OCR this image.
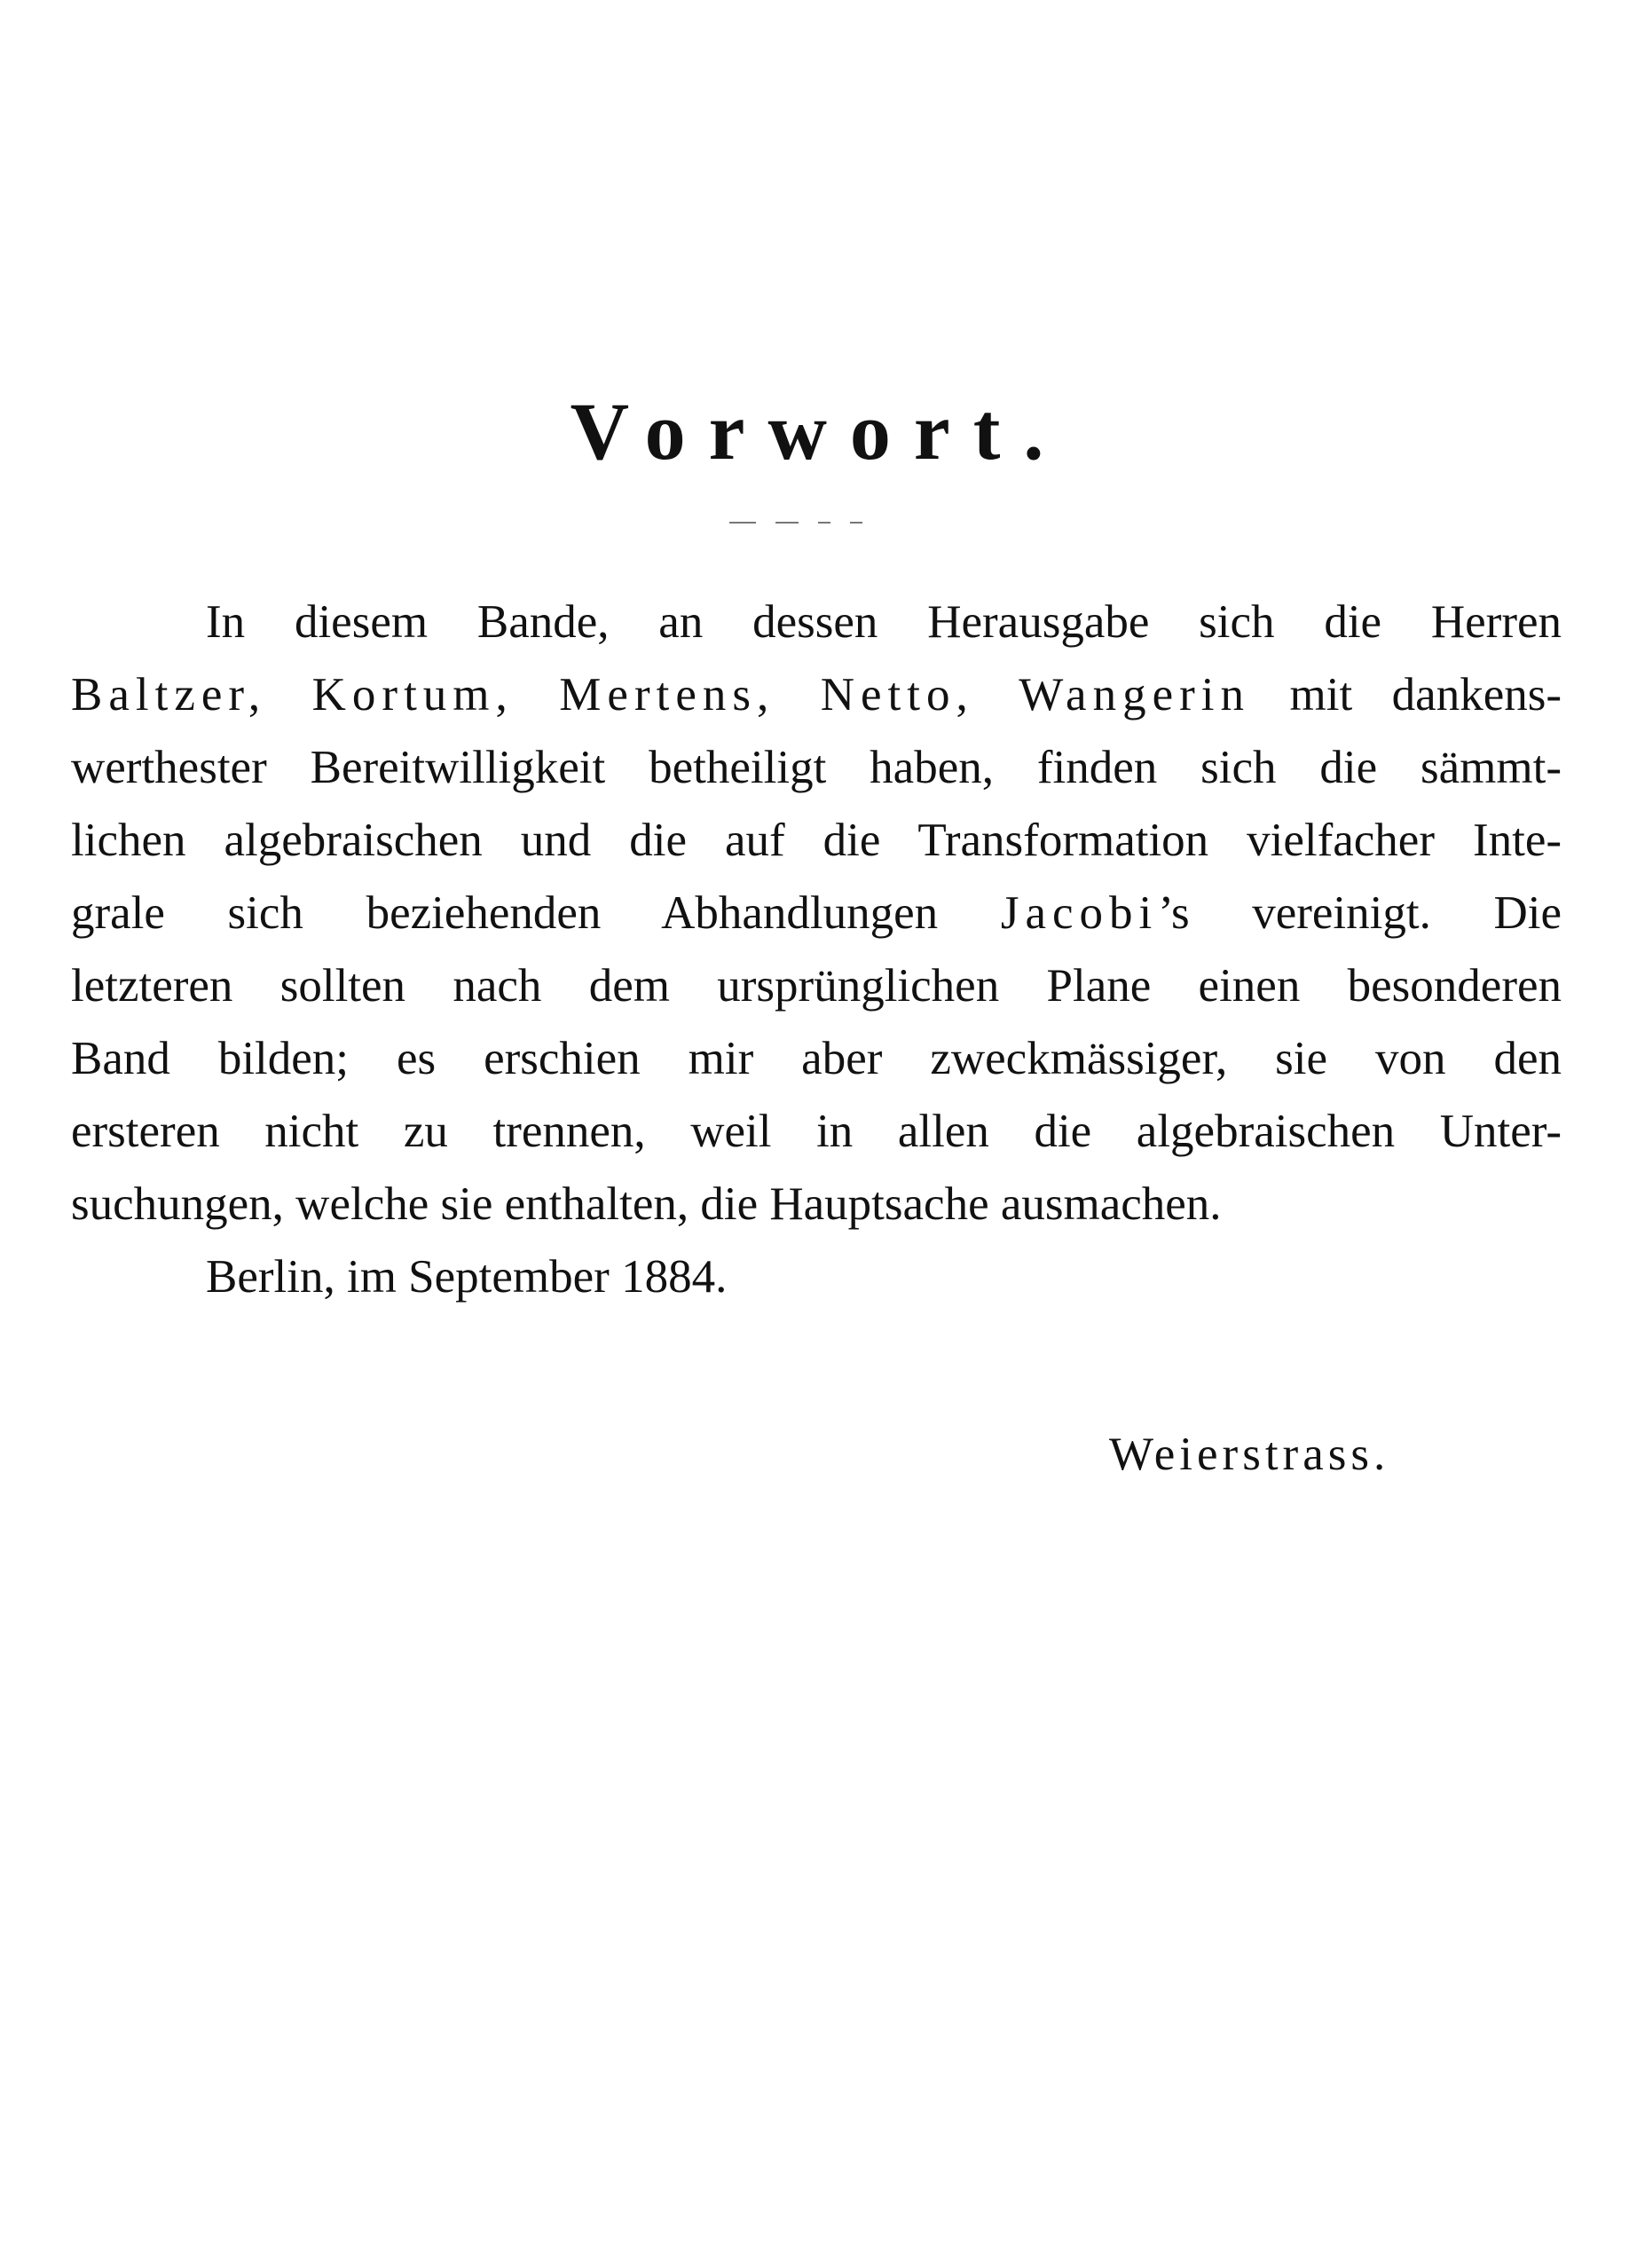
Vorwort.
In diesem Bande, an dessen Herausgabe sich die Herren
Baltzer, Kortum, Mertens, Netto, Wangerin mit dankens-
werthester Bereitwilligkeit betheiligt haben, finden sich die sämmt-
lichen algebraischen und die auf die Transformation vielfacher Inte-
grale sich beziehenden Abhandlungen Jacobi’s vereinigt. Die
letzteren sollten nach dem ursprünglichen Plane einen besonderen
Band bilden; es erschien mir aber zweckmässiger, sie von den
ersteren nicht zu trennen, weil in allen die algebraischen Unter-
suchungen, welche sie enthalten, die Hauptsache ausmachen.
Berlin, im September 1884.
Weierstrass.
